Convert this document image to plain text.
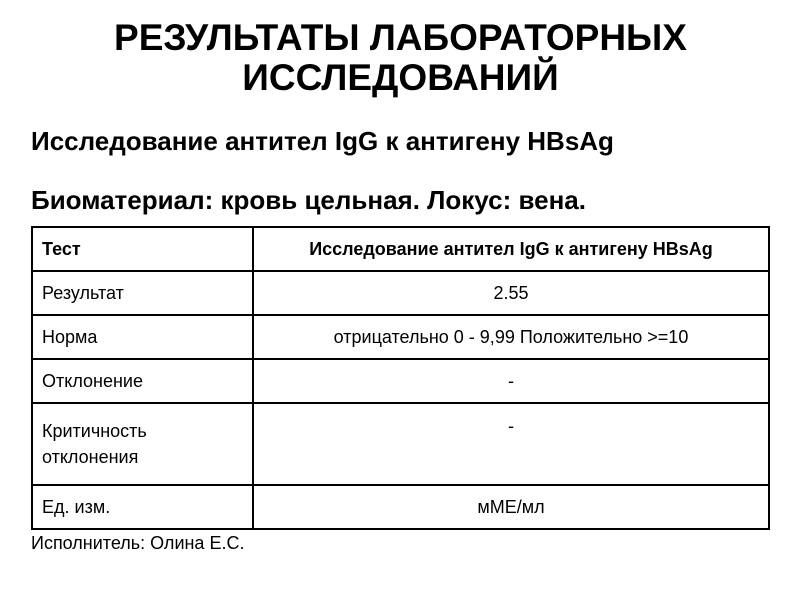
РЕЗУЛЬТАТЫ ЛАБОРАТОРНЫХ
ИССЛЕДОВАНИЙ

Исследование антител IgG к антигену HBsAg

Биоматериал: кровь цельная. Локус: вена.

Тест	Исследование антител IgG к антигену HBsAg
Результат	2.55
Норма	отрицательно 0 - 9,99 Положительно >=10
Отклонение	-
Критичность отклонения	-
Ед. изм.	мМЕ/мл

Исполнитель: Олина Е.С.
